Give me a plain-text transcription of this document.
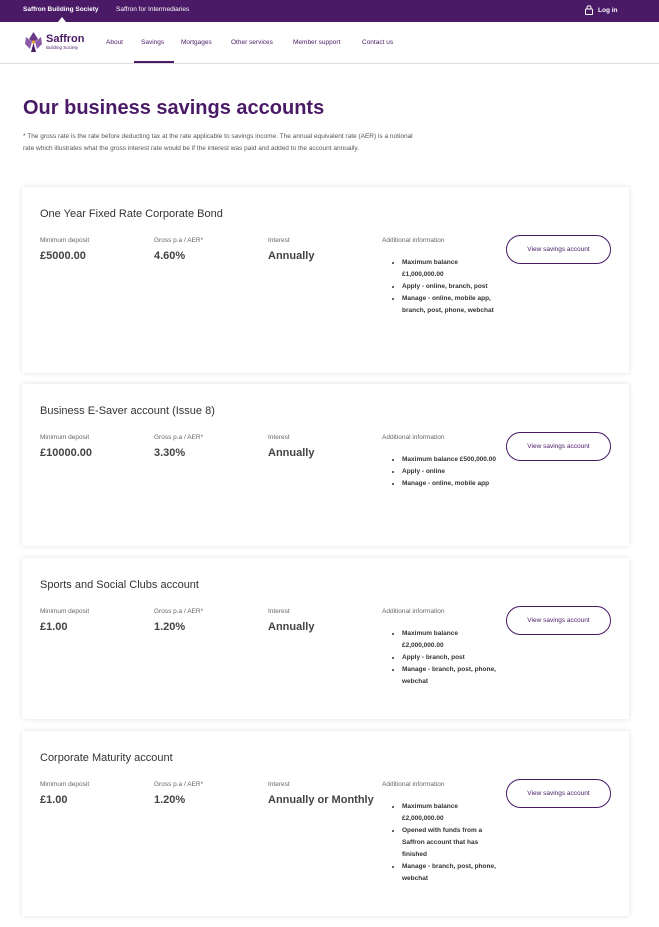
Saffron Building Society	Saffron for Intermediaries	Log in
Saffron
Building Society
About	Savings	Mortgages	Other services	Member support	Contact us
Our business savings accounts

* The gross rate is the rate before deducting tax at the rate applicable to savings income. The annual equivalent rate (AER) is a notional rate which illustrates what the gross interest rate would be if the interest was paid and added to the account annually.

One Year Fixed Rate Corporate Bond
Minimum deposit	Gross p.a / AER*	Interest	Additional information
£5000.00	4.60%	Annually
• Maximum balance £1,000,000.00
• Apply - online, branch, post
• Manage - online, mobile app, branch, post, phone, webchat
View savings account
Business E-Saver account (Issue 8)
Minimum deposit	Gross p.a / AER*	Interest	Additional information
£10000.00	3.30%	Annually
• Maximum balance £500,000.00
• Apply - online
• Manage - online, mobile app
View savings account
Sports and Social Clubs account
Minimum deposit	Gross p.a / AER*	Interest	Additional information
£1.00	1.20%	Annually
• Maximum balance £2,000,000.00
• Apply - branch, post
• Manage - branch, post, phone, webchat
View savings account
Corporate Maturity account
Minimum deposit	Gross p.a / AER*	Interest	Additional information
£1.00	1.20%	Annually or Monthly
• Maximum balance £2,000,000.00
• Opened with funds from a Saffron account that has finished
• Manage - branch, post, phone, webchat
View savings account
